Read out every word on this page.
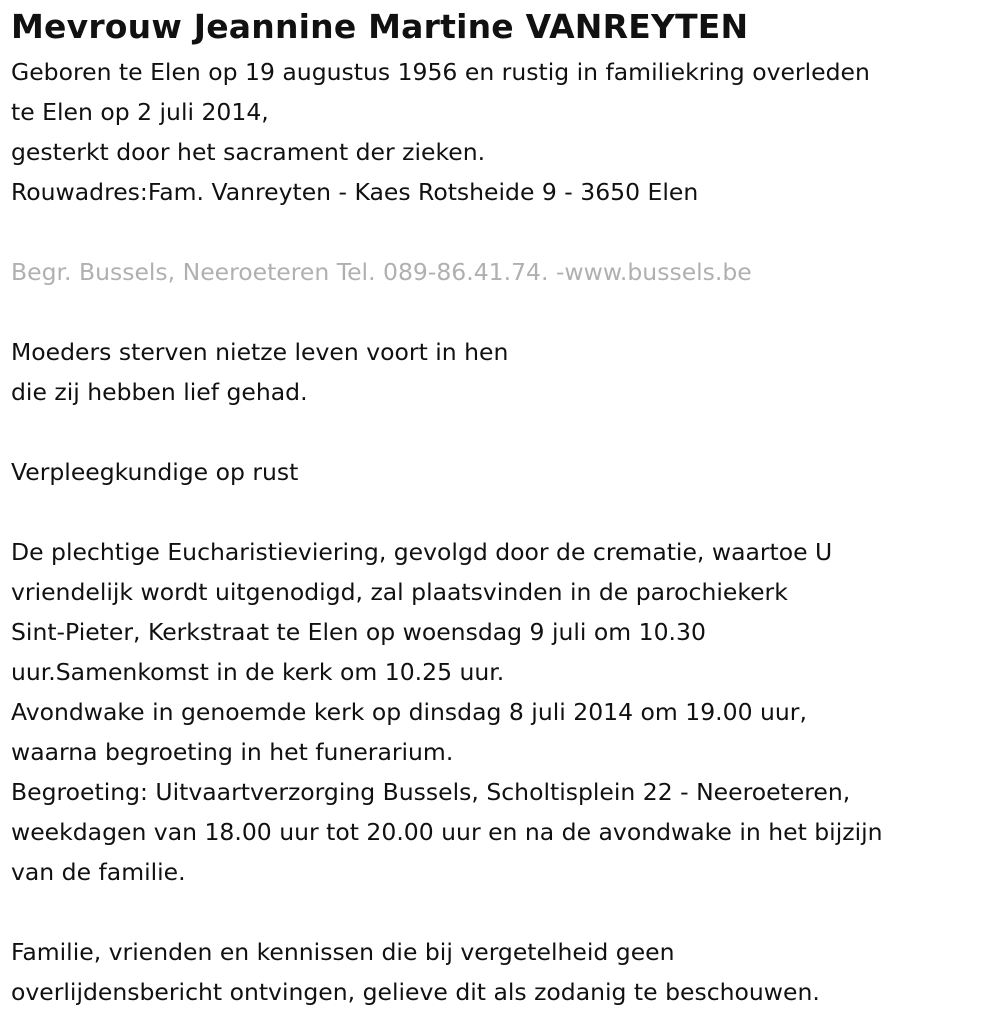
Mevrouw Jeannine Martine VANREYTEN

Geboren te Elen op 19 augustus 1956 en rustig in familiekring overleden

te Elen op 2 juli 2014,

gesterkt door het sacrament der zieken.

Rouwadres:Fam. Vanreyten - Kaes Rotsheide 9 - 3650 Elen

Begr. Bussels, Neeroeteren Tel. 089-86.41.74. -www.bussels.be

Moeders sterven nietze leven voort in hen

die zij hebben lief gehad.

Verpleegkundige op rust

De plechtige Eucharistieviering, gevolgd door de crematie, waartoe U

vriendelijk wordt uitgenodigd, zal plaatsvinden in de parochiekerk

Sint-Pieter, Kerkstraat te Elen op woensdag 9 juli om 10.30

uur.Samenkomst in de kerk om 10.25 uur.

Avondwake in genoemde kerk op dinsdag 8 juli 2014 om 19.00 uur,

waarna begroeting in het funerarium.

Begroeting: Uitvaartverzorging Bussels, Scholtisplein 22 - Neeroeteren,

weekdagen van 18.00 uur tot 20.00 uur en na de avondwake in het bijzijn

van de familie.

Familie, vrienden en kennissen die bij vergetelheid geen

overlijdensbericht ontvingen, gelieve dit als zodanig te beschouwen.
